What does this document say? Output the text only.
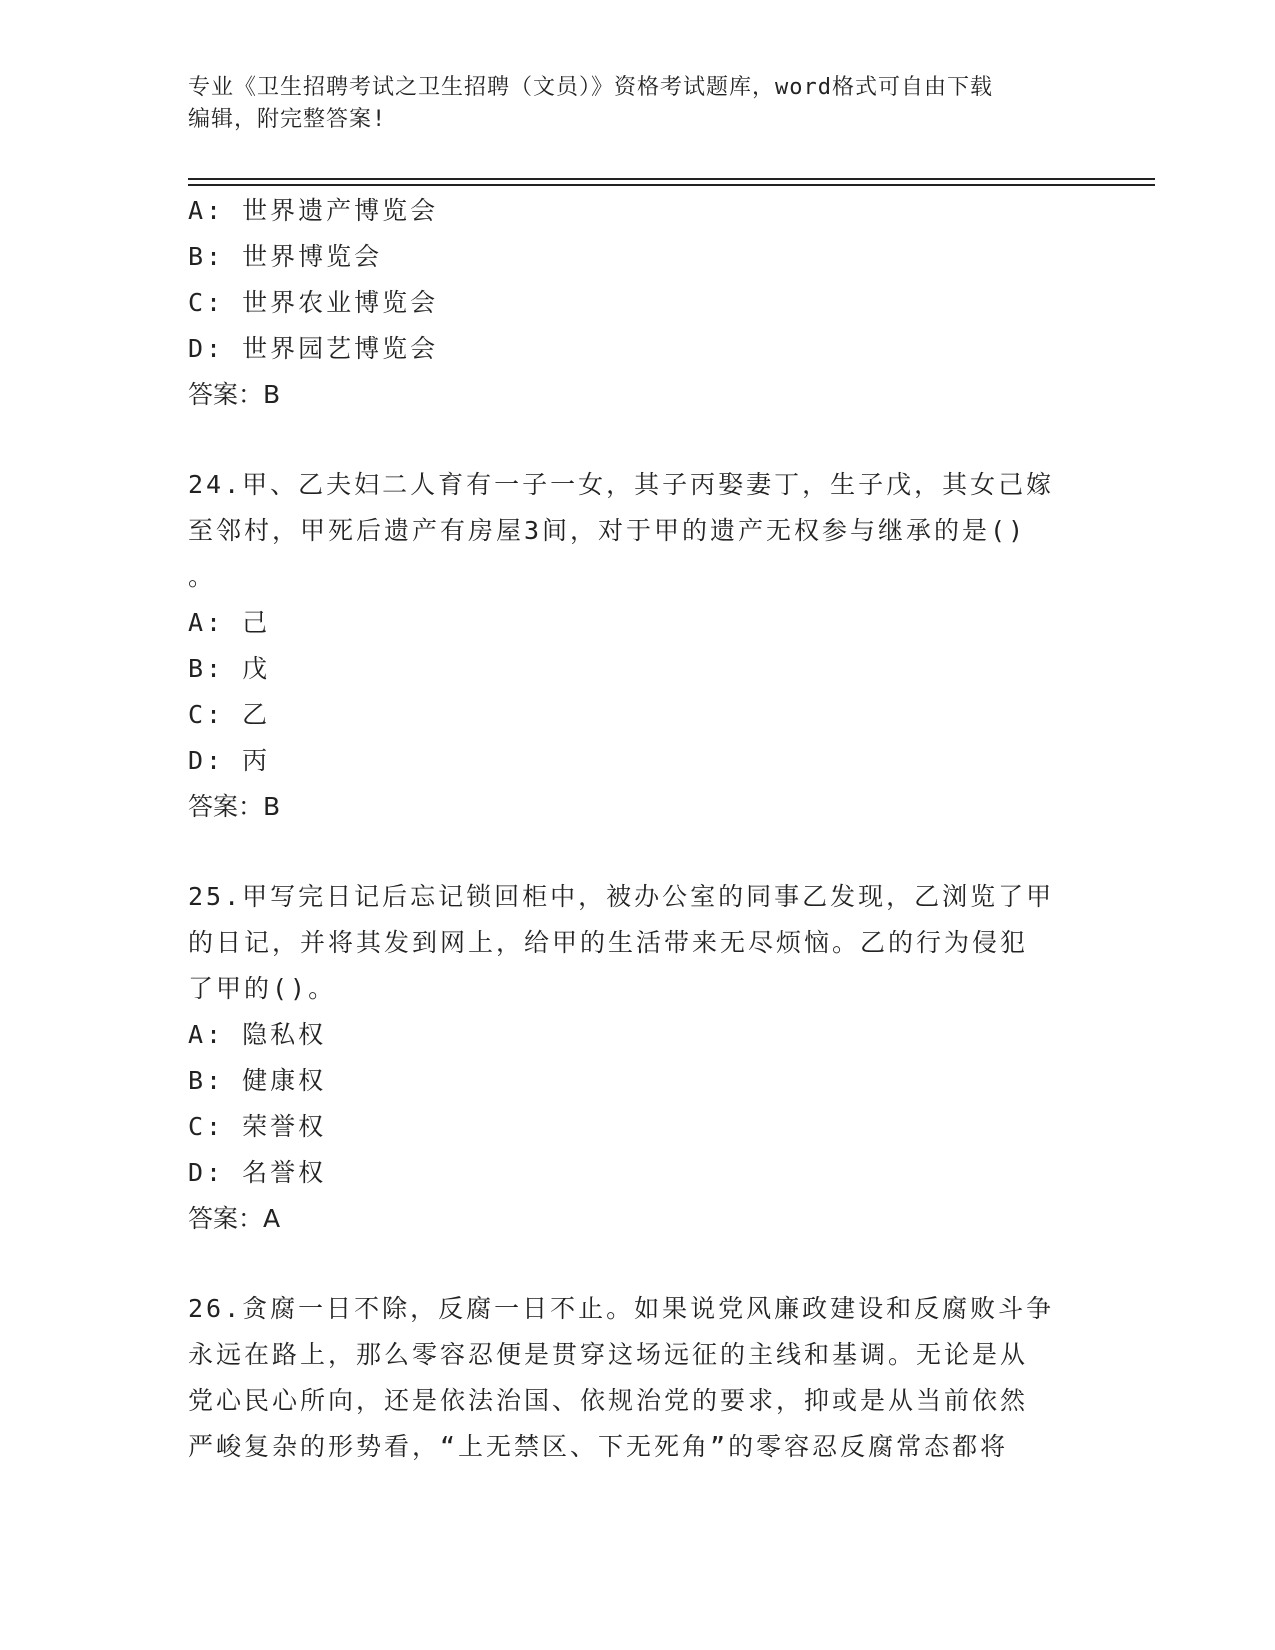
专业《卫生招聘考试之卫生招聘（文员）》资格考试题库，word格式可自由下载
编辑，附完整答案!
A: 世界遗产博览会
B: 世界博览会
C: 世界农业博览会
D: 世界园艺博览会
答案：B
24.甲、乙夫妇二人育有一子一女，其子丙娶妻丁，生子戊，其女己嫁
至邻村，甲死后遗产有房屋3间，对于甲的遗产无权参与继承的是()
。
A: 己
B: 戊
C: 乙
D: 丙
答案：B
25.甲写完日记后忘记锁回柜中，被办公室的同事乙发现，乙浏览了甲
的日记，并将其发到网上，给甲的生活带来无尽烦恼。乙的行为侵犯
了甲的()。
A: 隐私权
B: 健康权
C: 荣誉权
D: 名誉权
答案：A
26.贪腐一日不除，反腐一日不止。如果说党风廉政建设和反腐败斗争
永远在路上，那么零容忍便是贯穿这场远征的主线和基调。无论是从
党心民心所向，还是依法治国、依规治党的要求，抑或是从当前依然
严峻复杂的形势看，“上无禁区、下无死角”的零容忍反腐常态都将
